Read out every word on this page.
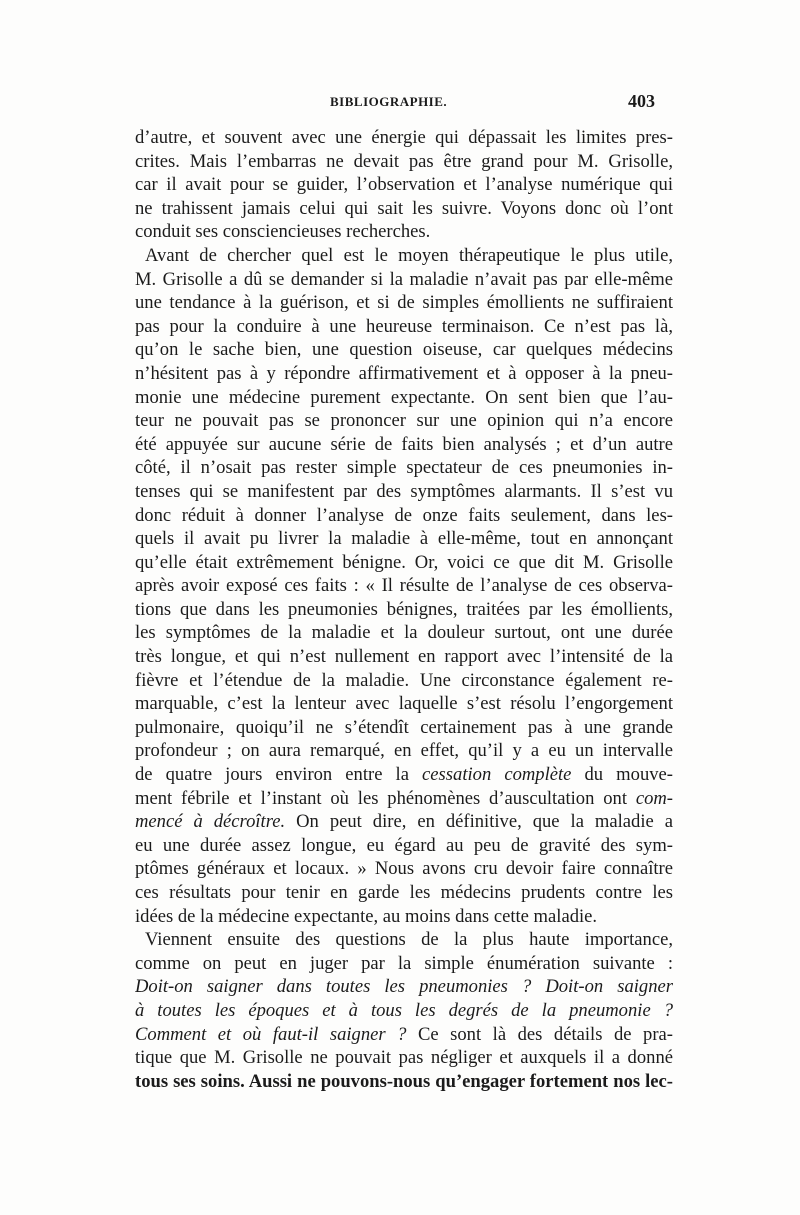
BIBLIOGRAPHIE.	403
d’autre, et souvent avec une énergie qui dépassait les limites pres-
crites. Mais l’embarras ne devait pas être grand pour M. Grisolle,
car il avait pour se guider, l’observation et l’analyse numérique qui
ne trahissent jamais celui qui sait les suivre. Voyons donc où l’ont
conduit ses consciencieuses recherches.
Avant de chercher quel est le moyen thérapeutique le plus utile,
M. Grisolle a dû se demander si la maladie n’avait pas par elle-même
une tendance à la guérison, et si de simples émollients ne suffiraient
pas pour la conduire à une heureuse terminaison. Ce n’est pas là,
qu’on le sache bien, une question oiseuse, car quelques médecins
n’hésitent pas à y répondre affirmativement et à opposer à la pneu-
monie une médecine purement expectante. On sent bien que l’au-
teur ne pouvait pas se prononcer sur une opinion qui n’a encore
été appuyée sur aucune série de faits bien analysés ; et d’un autre
côté, il n’osait pas rester simple spectateur de ces pneumonies in-
tenses qui se manifestent par des symptômes alarmants. Il s’est vu
donc réduit à donner l’analyse de onze faits seulement, dans les-
quels il avait pu livrer la maladie à elle-même, tout en annonçant
qu’elle était extrêmement bénigne. Or, voici ce que dit M. Grisolle
après avoir exposé ces faits : « Il résulte de l’analyse de ces observa-
tions que dans les pneumonies bénignes, traitées par les émollients,
les symptômes de la maladie et la douleur surtout, ont une durée
très longue, et qui n’est nullement en rapport avec l’intensité de la
fièvre et l’étendue de la maladie. Une circonstance également re-
marquable, c’est la lenteur avec laquelle s’est résolu l’engorgement
pulmonaire, quoiqu’il ne s’étendît certainement pas à une grande
profondeur ; on aura remarqué, en effet, qu’il y a eu un intervalle
de quatre jours environ entre la cessation complète du mouve-
ment fébrile et l’instant où les phénomènes d’auscultation ont com-
mencé à décroître. On peut dire, en définitive, que la maladie a
eu une durée assez longue, eu égard au peu de gravité des sym-
ptômes généraux et locaux. » Nous avons cru devoir faire connaître
ces résultats pour tenir en garde les médecins prudents contre les
idées de la médecine expectante, au moins dans cette maladie.
Viennent ensuite des questions de la plus haute importance,
comme on peut en juger par la simple énumération suivante :
Doit-on saigner dans toutes les pneumonies ? Doit-on saigner
à toutes les époques et à tous les degrés de la pneumonie ?
Comment et où faut-il saigner ? Ce sont là des détails de pra-
tique que M. Grisolle ne pouvait pas négliger et auxquels il a donné
tous ses soins. Aussi ne pouvons-nous qu’engager fortement nos lec-
